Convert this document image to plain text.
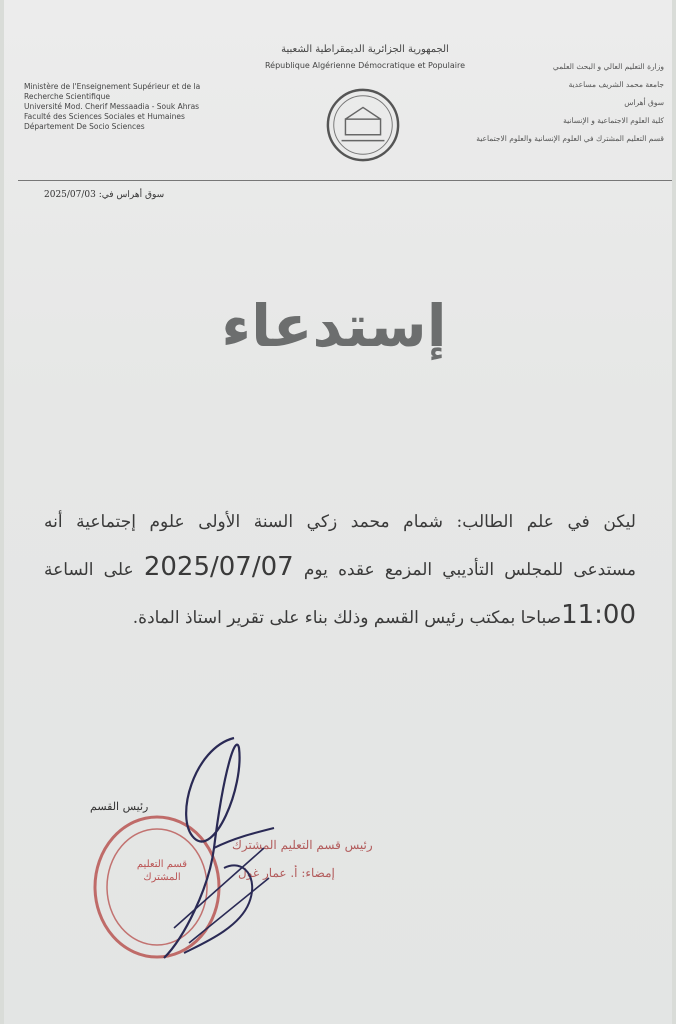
الجمهورية الجزائرية الديمقراطية الشعبية
République Algérienne Démocratique et Populaire
Ministère de l'Enseignement Supérieur et de la
Recherche Scientifique
Université Mod. Cherif Messaadia - Souk Ahras
Faculté des Sciences Sociales et Humaines
Département De Socio Sciences
وزارة التعليم العالي و البحث العلمي
جامعة محمد الشريف مساعدية
سوق أهراس
كلية العلوم الاجتماعية و الإنسانية
قسم التعليم المشترك في العلوم الإنسانية والعلوم الاجتماعية
سوق أهراس في: 2025/07/03
إستدعاء
ليكن في علم الطالب: شمام محمد زكي السنة الأولى علوم إجتماعية أنه
مستدعى للمجلس التأديبي المزمع عقده يوم 2025/07/07 على الساعة
11:00صباحا بمكتب رئيس القسم وذلك بناء على تقرير استاذ المادة.
رئيس القسم
قسم التعليم المشترك
رئيس قسم التعليم المشترك
إمضاء: أ. عمار غول
